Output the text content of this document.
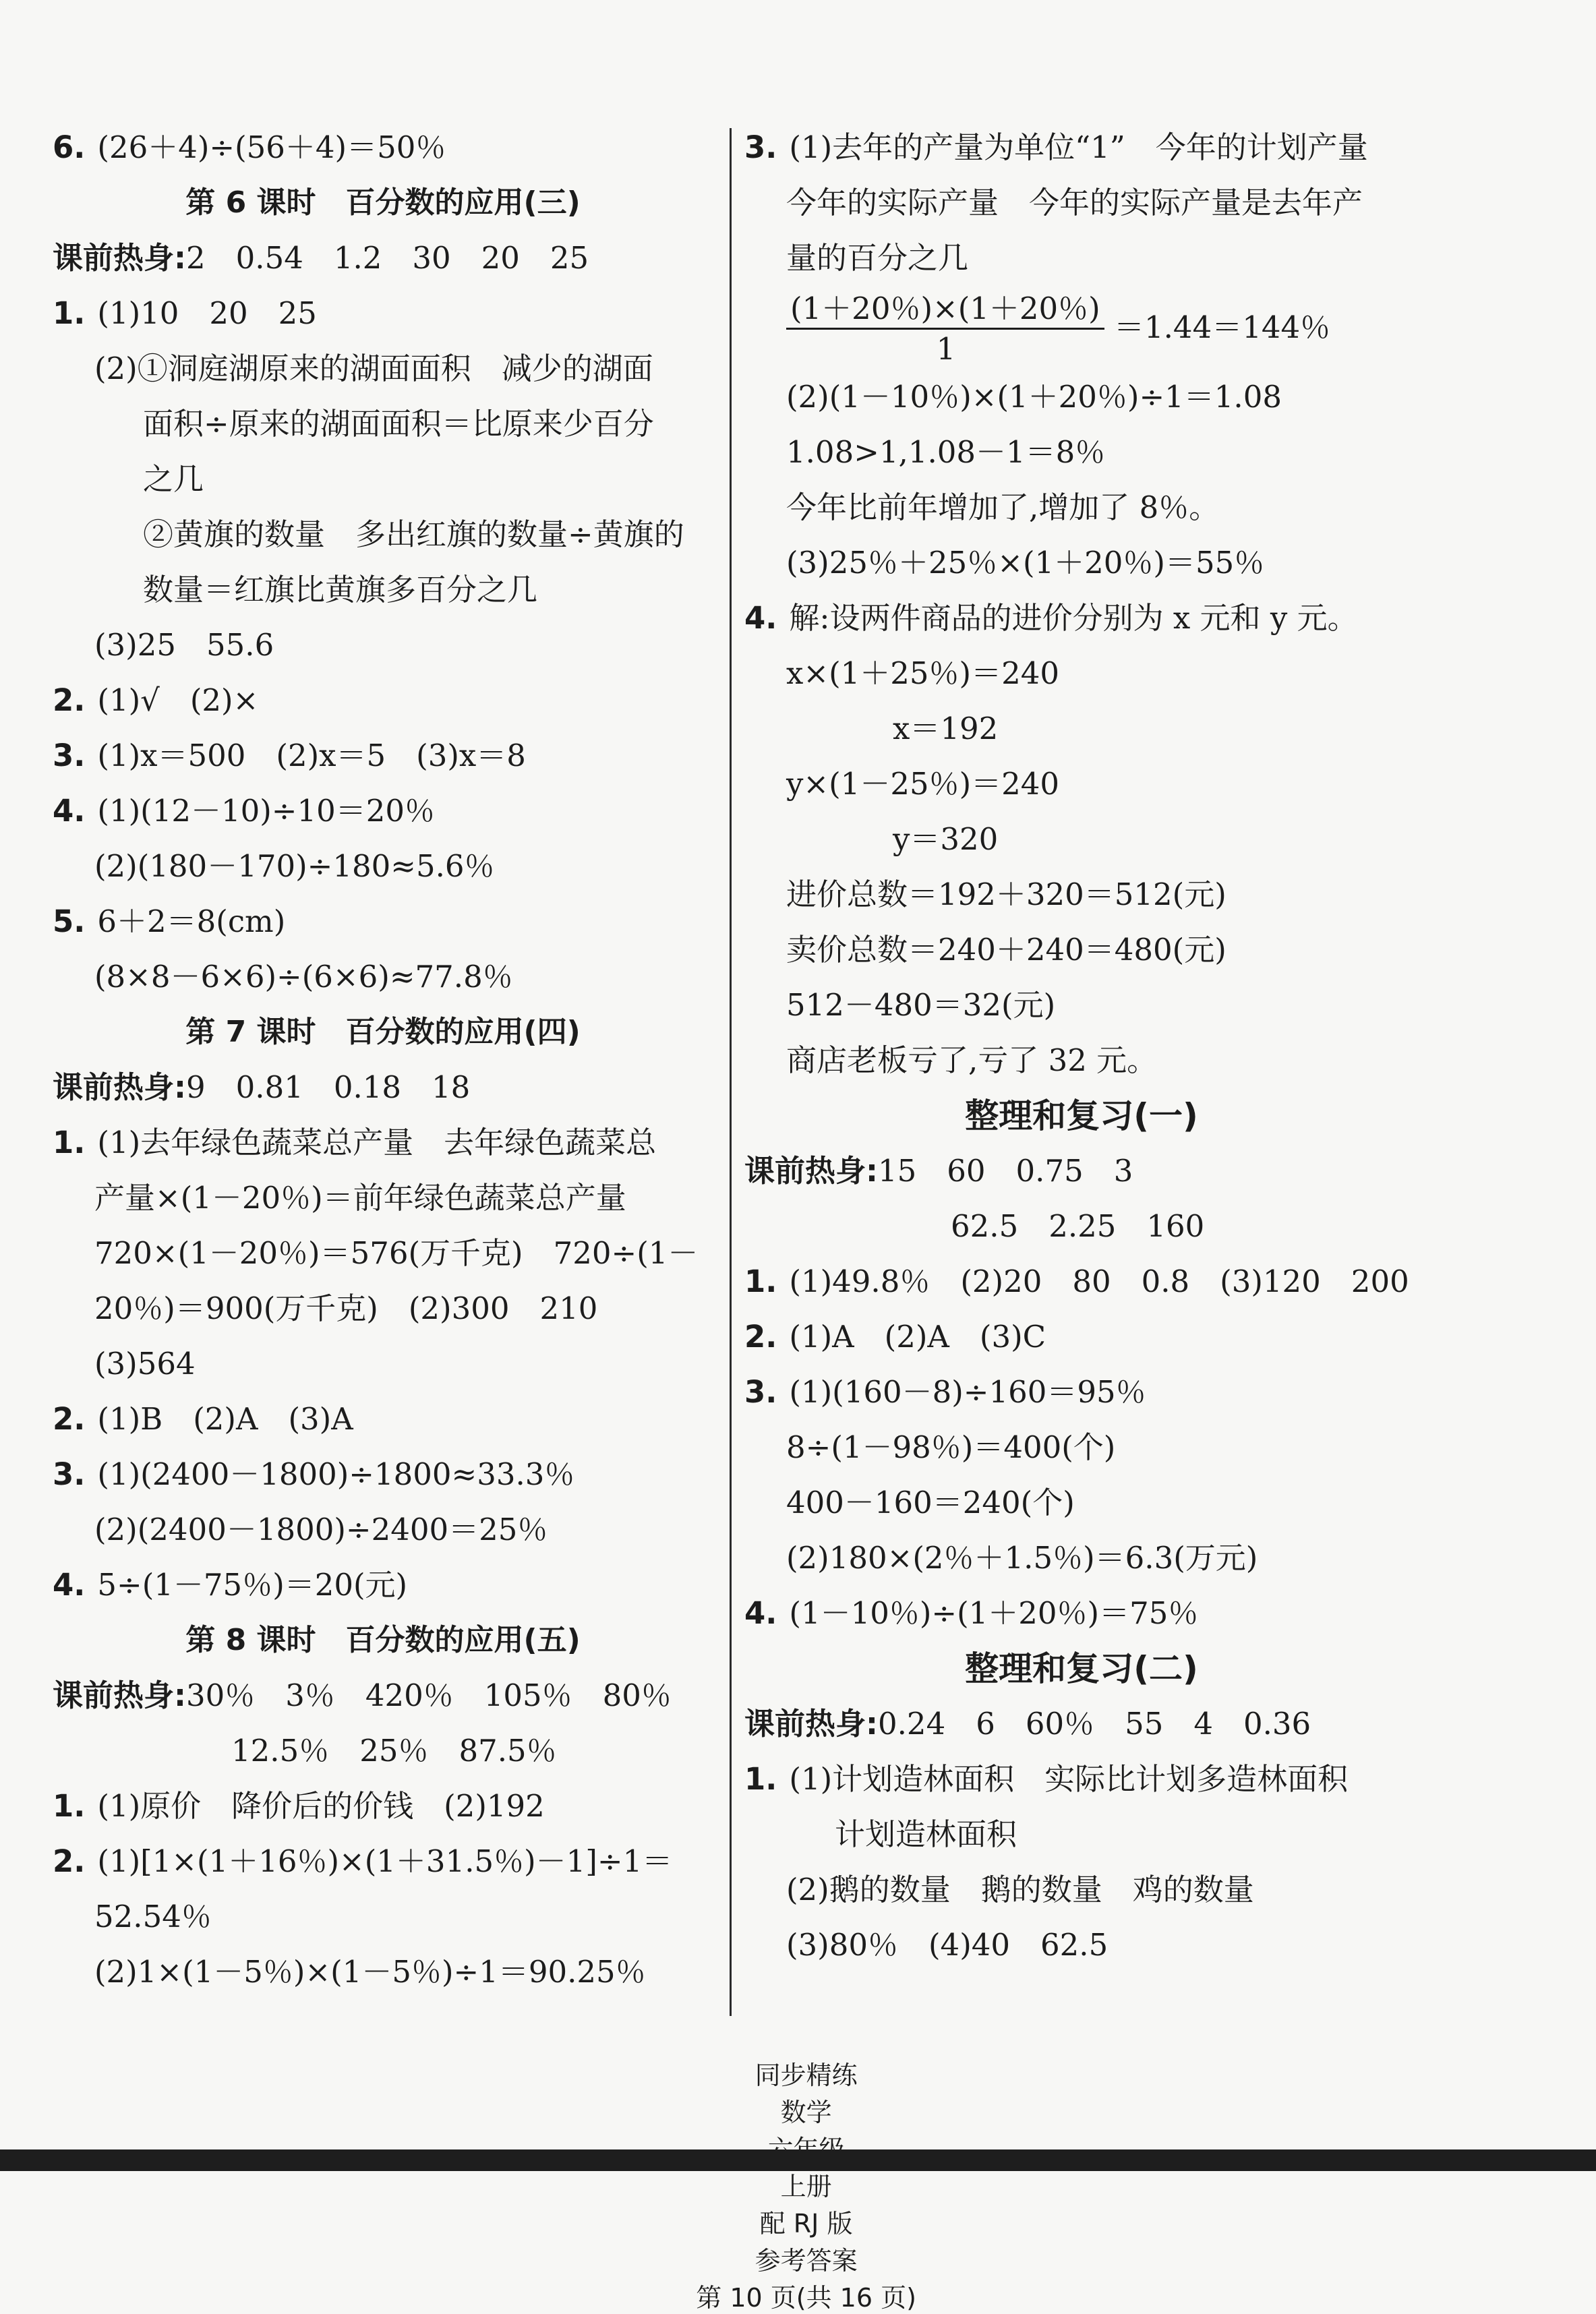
6. (26＋4)÷(56＋4)＝50％
第 6 课时　百分数的应用(三)
课前热身:2　0.54　1.2　30　20　25
1. (1)10　20　25
(2)①洞庭湖原来的湖面面积　减少的湖面
面积÷原来的湖面面积＝比原来少百分
之几
②黄旗的数量　多出红旗的数量÷黄旗的
数量＝红旗比黄旗多百分之几
(3)25　55.6
2. (1)√　(2)×
3. (1)x＝500　(2)x＝5　(3)x＝8
4. (1)(12－10)÷10＝20％
(2)(180－170)÷180≈5.6％
5. 6＋2＝8(cm)
(8×8－6×6)÷(6×6)≈77.8％
第 7 课时　百分数的应用(四)
课前热身:9　0.81　0.18　18
1. (1)去年绿色蔬菜总产量　去年绿色蔬菜总
产量×(1－20％)＝前年绿色蔬菜总产量
720×(1－20％)＝576(万千克)　720÷(1－
20％)＝900(万千克)　(2)300　210
(3)564
2. (1)B　(2)A　(3)A
3. (1)(2400－1800)÷1800≈33.3％
(2)(2400－1800)÷2400＝25％
4. 5÷(1－75％)＝20(元)
第 8 课时　百分数的应用(五)
课前热身:30％　3％　420％　105％　80％
12.5％　25％　87.5％
1. (1)原价　降价后的价钱　(2)192
2. (1)[1×(1＋16％)×(1＋31.5％)－1]÷1＝
52.54％
(2)1×(1－5％)×(1－5％)÷1＝90.25％
3. (1)去年的产量为单位“1”　今年的计划产量
今年的实际产量　今年的实际产量是去年产
量的百分之几
(1＋20％)×(1＋20％)
1
＝1.44＝144％
(2)(1－10％)×(1＋20％)÷1＝1.08
1.08>1,1.08－1＝8％
今年比前年增加了,增加了 8％。
(3)25％＋25％×(1＋20％)＝55％
4. 解:设两件商品的进价分别为 x 元和 y 元。
x×(1＋25％)＝240
x＝192
y×(1－25％)＝240
y＝320
进价总数＝192＋320＝512(元)
卖价总数＝240＋240＝480(元)
512－480＝32(元)
商店老板亏了,亏了 32 元。
整理和复习(一)
课前热身:15　60　0.75　3
62.5　2.25　160
1. (1)49.8％　(2)20　80　0.8　(3)120　200
2. (1)A　(2)A　(3)C
3. (1)(160－8)÷160＝95％
8÷(1－98％)＝400(个)
400－160＝240(个)
(2)180×(2％＋1.5％)＝6.3(万元)
4. (1－10％)÷(1＋20％)＝75％
整理和复习(二)
课前热身:0.24　6　60％　55　4　0.36
1. (1)计划造林面积　实际比计划多造林面积
计划造林面积
(2)鹅的数量　鹅的数量　鸡的数量
(3)80％　(4)40　62.5

同步精练
数学

上册
配 RJ 版
参考答案
第 10 页(共 16 页)
